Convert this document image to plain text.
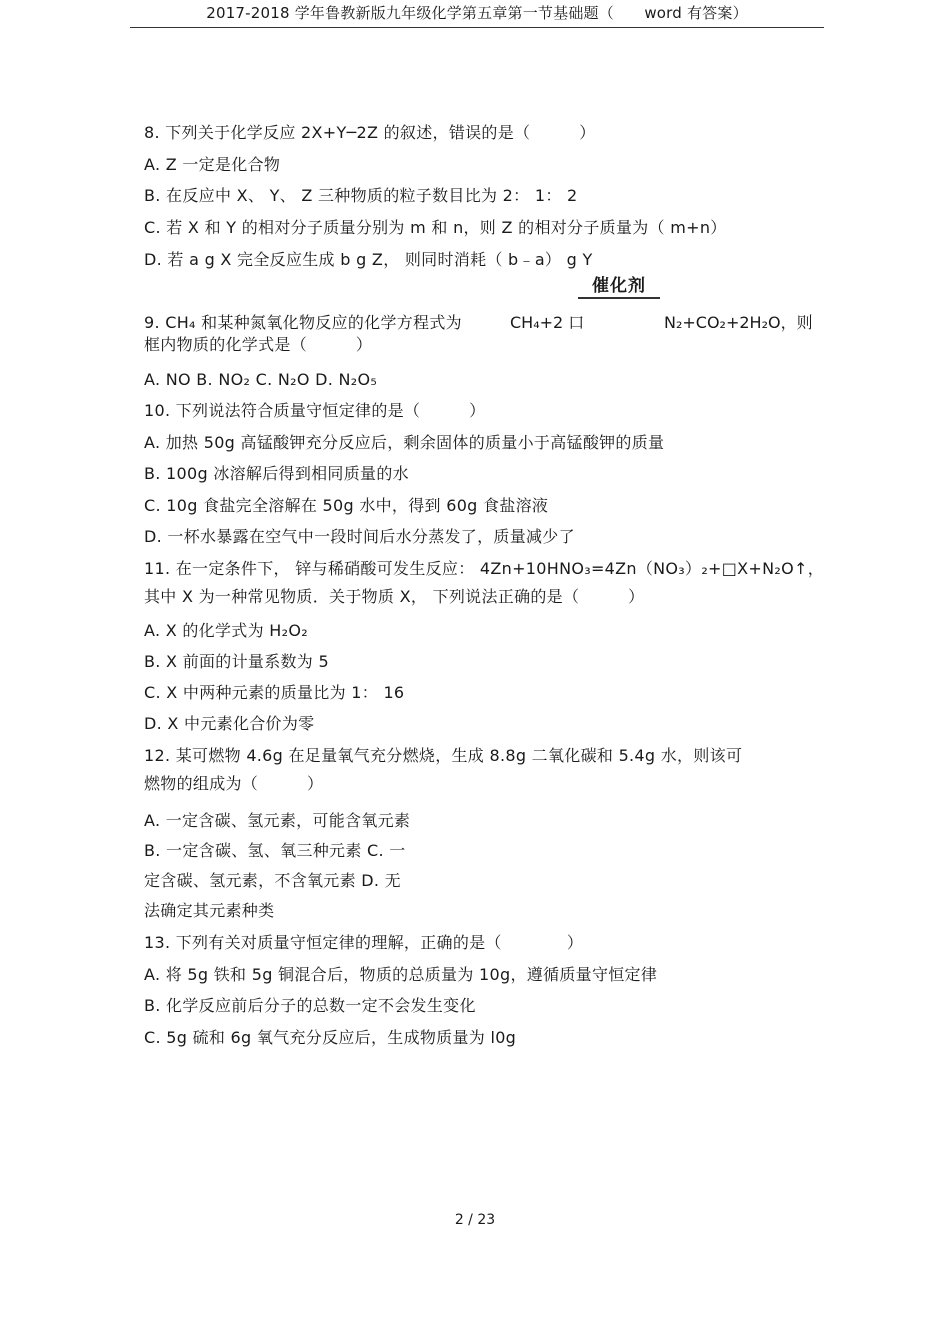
2017-2018 学年鲁教新版九年级化学第五章第一节基础题（　　word 有答案）
8. 下列关于化学反应 2X+Y─2Z 的叙述，错误的是（　　　）
A. Z 一定是化合物
B. 在反应中 X、 Y、 Z 三种物质的粒子数目比为 2： 1： 2
C. 若 X 和 Y 的相对分子质量分别为 m 和 n，则 Z 的相对分子质量为（ m+n）
D. 若 a g X 完全反应生成 b g Z， 则同时消耗（ b﹣a） g Y
催化剂
9. CH₄ 和某种氮氧化物反应的化学方程式为	CH₄+2 口	N₂+CO₂+2H₂O，则
框内物质的化学式是（　　　）
A. NO B. NO₂ C. N₂O D. N₂O₅
10. 下列说法符合质量守恒定律的是（　　　）
A. 加热 50g 高锰酸钾充分反应后，剩余固体的质量小于高锰酸钾的质量
B. 100g 冰溶解后得到相同质量的水
C. 10g 食盐完全溶解在 50g 水中，得到 60g 食盐溶液
D. 一杯水暴露在空气中一段时间后水分蒸发了，质量减少了
11. 在一定条件下， 锌与稀硝酸可发生反应： 4Zn+10HNO₃=4Zn（NO₃）₂+□X+N₂O↑，
其中 X 为一种常见物质．关于物质 X， 下列说法正确的是（　　　）
A. X 的化学式为 H₂O₂
B. X 前面的计量系数为 5
C. X 中两种元素的质量比为 1： 16
D. X 中元素化合价为零
12. 某可燃物 4.6g 在足量氧气充分燃烧，生成 8.8g 二氧化碳和 5.4g 水，则该可
燃物的组成为（　　　）
A. 一定含碳、氢元素，可能含氧元素
B. 一定含碳、氢、氧三种元素 C. 一
定含碳、氢元素，不含氧元素 D. 无
法确定其元素种类
13. 下列有关对质量守恒定律的理解，正确的是（　　　　）
A. 将 5g 铁和 5g 铜混合后，物质的总质量为 10g，遵循质量守恒定律
B. 化学反应前后分子的总数一定不会发生变化
C. 5g 硫和 6g 氧气充分反应后，生成物质量为 l0g
2 / 23
